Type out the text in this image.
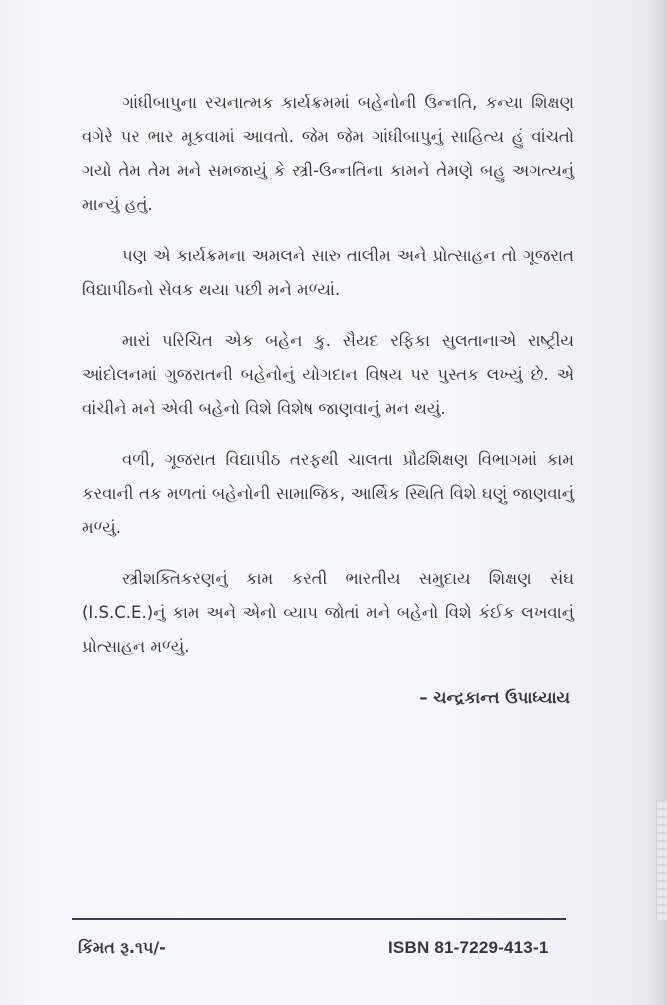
ગાંધીબાપુના રચનાત્મક કાર્યક્રમમાં બહેનોની ઉન્નતિ, કન્યા શિક્ષણ વગેરે પર ભાર મૂકવામાં આવતો. જેમ જેમ ગાંધીબાપુનું સાહિત્ય હું વાંચતો ગયો તેમ તેમ મને સમજાયું કે સ્ત્રી-ઉન્નતિના કામને તેમણે બહુ અગત્યનું માન્યું હતું.

પણ એ કાર્યક્રમના અમલને સારુ તાલીમ અને પ્રોત્સાહન તો ગૂજરાત વિદ્યાપીઠનો સેવક થયા પછી મને મળ્યાં.

મારાં પરિચિત એક બહેન કુ. સૈયદ રફિકા સુલતાનાએ રાષ્ટ્રીય આંદોલનમાં ગુજરાતની બહેનોનું યોગદાન વિષય પર પુસ્તક લખ્યું છે. એ વાંચીને મને એવી બહેનો વિશે વિશેષ જાણવાનું મન થયું.

વળી, ગૂજરાત વિદ્યાપીઠ તરફથી ચાલતા પ્રૌઢશિક્ષણ વિભાગમાં કામ કરવાની તક મળતાં બહેનોની સામાજિક, આર્થિક સ્થિતિ વિશે ઘણું જાણવાનું મળ્યું.

સ્ત્રીશક્તિકરણનું કામ કરતી ભારતીય સમુદાય શિક્ષણ સંઘ (I.S.C.E.)નું કામ અને એનો વ્યાપ જોતાં મને બહેનો વિશે કંઈક લખવાનું પ્રોત્સાહન મળ્યું.

– ચન્દ્રકાન્ત ઉપાધ્યાય

કિંમત રૂ.૧૫/-	ISBN 81-7229-413-1
